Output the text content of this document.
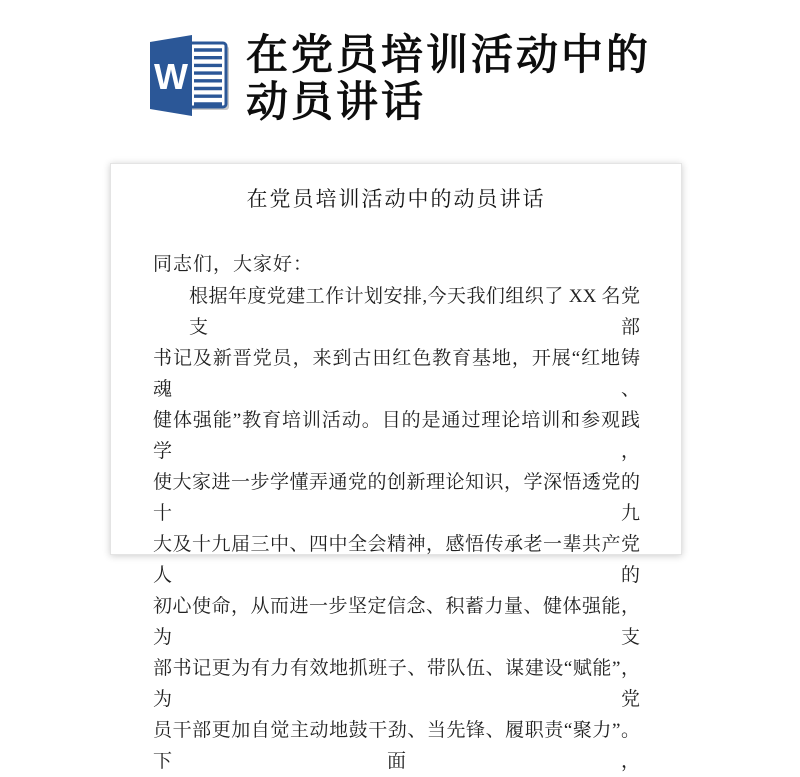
W 在党员培训活动中的
动员讲话
在党员培训活动中的动员讲话
同志们，大家好：
根据年度党建工作计划安排,今天我们组织了 XX 名党支部
书记及新晋党员，来到古田红色教育基地，开展“红地铸魂、
健体强能”教育培训活动。目的是通过理论培训和参观践学，
使大家进一步学懂弄通党的创新理论知识，学深悟透党的十九
大及十九届三中、四中全会精神，感悟传承老一辈共产党人的
初心使命，从而进一步坚定信念、积蓄力量、健体强能，为支
部书记更为有力有效地抓班子、带队伍、谋建设“赋能”，为党
员干部更加自觉主动地鼓干劲、当先锋、履职责“聚力”。下面，
